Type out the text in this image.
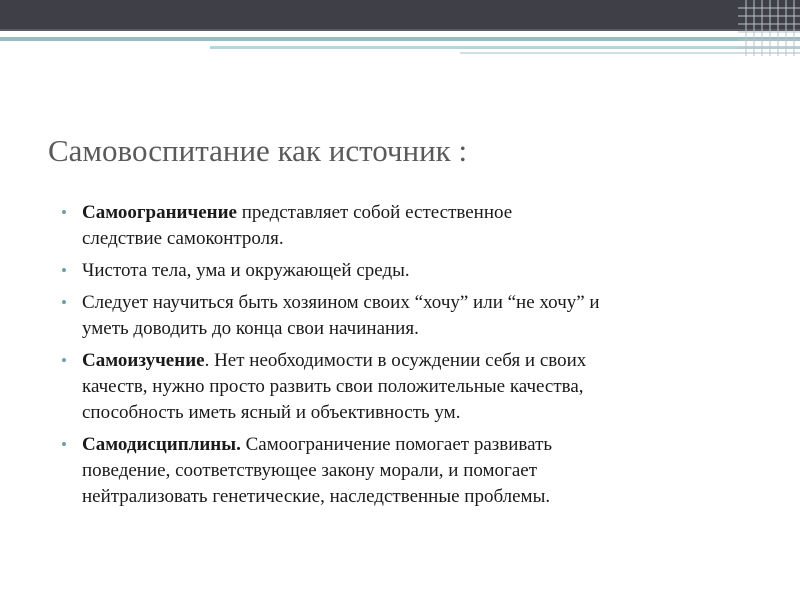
Самовоспитание как источник :
• Самоограничение представляет собой естественное
следствие самоконтроля.
• Чистота тела, ума и окружающей среды.
• Следует научиться быть хозяином своих “хочу” или “не хочу” и
уметь доводить до конца свои начинания.
• Самоизучение. Нет необходимости в осуждении себя и своих
качеств, нужно просто развить свои положительные качества,
способность иметь ясный и объективность ум.
• Самодисциплины. Самоограничение помогает развивать
поведение, соответствующее закону морали, и помогает
нейтрализовать генетические, наследственные проблемы.
